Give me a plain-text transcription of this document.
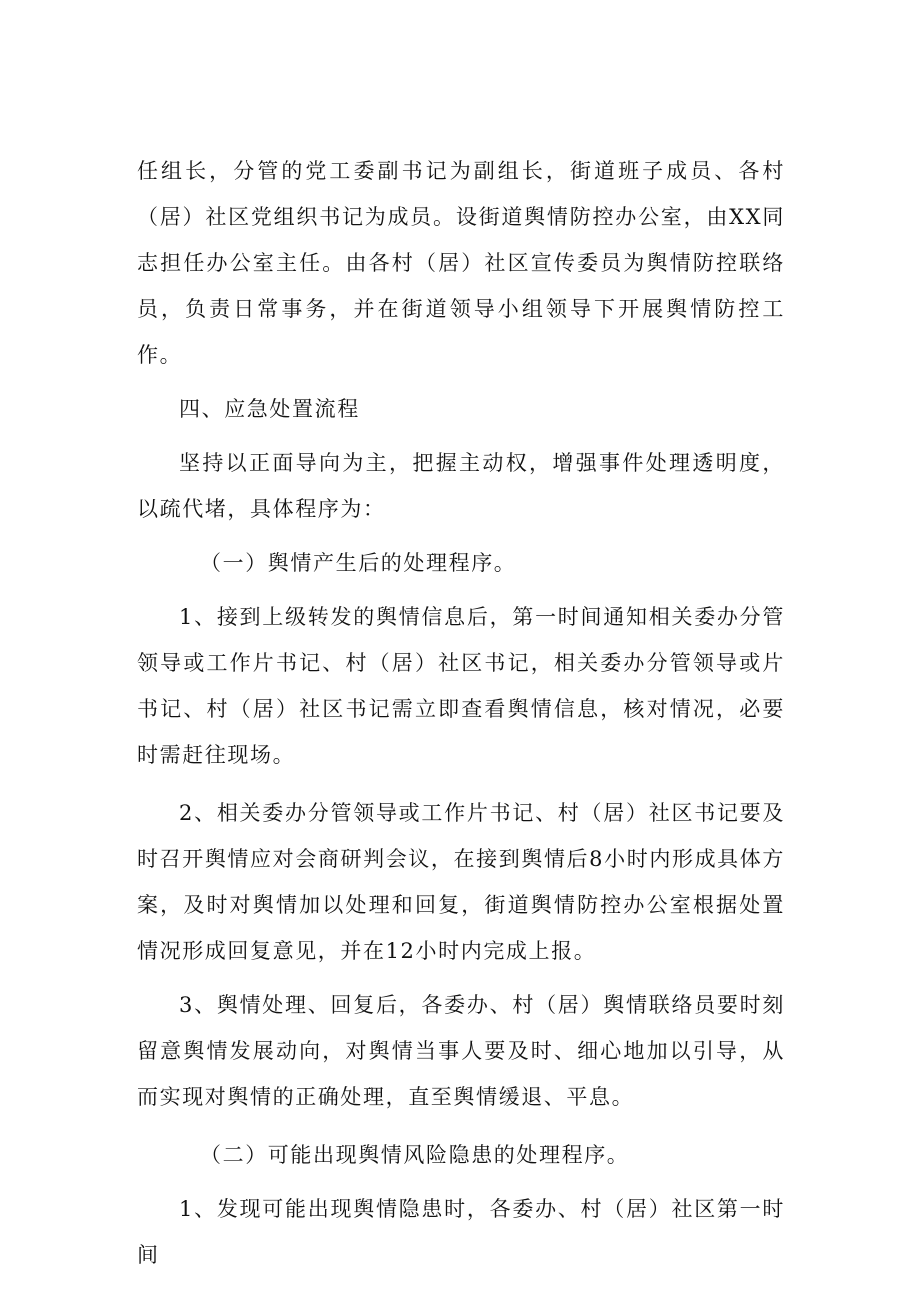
任组长，分管的党工委副书记为副组长，街道班子成员、各村（居）社区党组织书记为成员。设街道舆情防控办公室，由XX同志担任办公室主任。由各村（居）社区宣传委员为舆情防控联络员，负责日常事务，并在街道领导小组领导下开展舆情防控工作。

四、应急处置流程

坚持以正面导向为主，把握主动权，增强事件处理透明度，以疏代堵，具体程序为：

（一）舆情产生后的处理程序。

1、接到上级转发的舆情信息后，第一时间通知相关委办分管领导或工作片书记、村（居）社区书记，相关委办分管领导或片书记、村（居）社区书记需立即查看舆情信息，核对情况，必要时需赶往现场。

2、相关委办分管领导或工作片书记、村（居）社区书记要及时召开舆情应对会商研判会议，在接到舆情后8小时内形成具体方案，及时对舆情加以处理和回复，街道舆情防控办公室根据处置情况形成回复意见，并在12小时内完成上报。

3、舆情处理、回复后，各委办、村（居）舆情联络员要时刻留意舆情发展动向，对舆情当事人要及时、细心地加以引导，从而实现对舆情的正确处理，直至舆情缓退、平息。

（二）可能出现舆情风险隐患的处理程序。

1、发现可能出现舆情隐患时，各委办、村（居）社区第一时间
